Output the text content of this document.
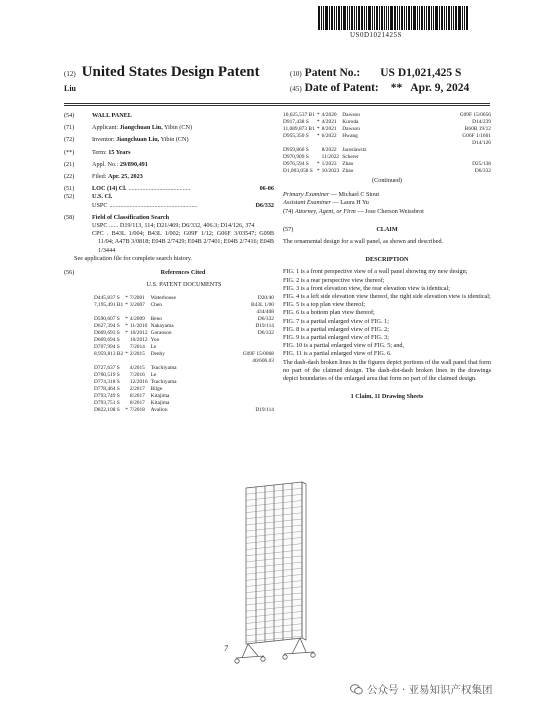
US0D1021425S
(12) United States Design Patent
Liu
(10) Patent No.: US D1,021,425 S
(45) Date of Patent: ** Apr. 9, 2024
(54)	WALL PANEL
(71)	Applicant: Jiangchuan Liu, Yibin (CN)
(72)	Inventor: Jiangchuan Liu, Yibin (CN)
(**)	Term: 15 Years
(21)	Appl. No.: 29/890,491
(22)	Filed: Apr. 25, 2023
(51)	LOC (14) Cl. ........................................	06-06
(52)	U.S. Cl.
USPC .........................................................	D6/332
(58)	Field of Classification Search
USPC ...... D19/113, 114; D21/469; D6/332, 406.3; D14/126, 374
CPC . B43L 1/004; B43L 1/002; G09F 1/12; G06F 3/03547; G09B 11/04; A47B 3/0818; E04B 2/7429; E04B 2/7401; E04B 2/7416; E04B 1/3444
See application file for complete search history.
(56)	References Cited
U.S. PATENT DOCUMENTS
D445,837 S	*	7/2001	Waterhouse	D20/40
7,195,491 B1	*	3/2007	Chen	B43L 1/00
				434/408
D590,607 S	*	4/2009	Beno	D6/332
D627,394 S	*	11/2010	Nakayama	D19/114
D669,693 S	*	10/2012	Goranson	D6/332
D669,694 S		10/2012	Yoo	
D707,994 S		7/2014	Le	
8,959,813 B2	*	2/2015	Denby	G09F 15/0068
				40/606.03
D727,637 S		4/2015	Tsuchiyama	
D760,519 S		7/2016	Le	
D774,318 S		12/2016	Tsuchiyama	
D778,464 S		2/2017	Bilge	
D793,749 S		8/2017	Kitajima	
D793,751 S		8/2017	Kitajima	
D822,108 S	*	7/2018	Avallon	D19/114
10,625,537 B1	*	4/2020	Dawson	G09F 15/0056
D917,438 S	*	4/2021	Kuroda	D14/239
11,089,873 B1	*	8/2021	Dawson	B60B 19/12
D955,350 S	*	6/2022	Hwang	G06F 1/1601
				D14/126
D959,860 S		8/2022	Jaroslawitz	
D970,909 S		11/2022	Scherer	
D976,594 S	*	1/2023	Zhao	D25/138
D1,003,058 S	*	10/2023	Zhao	D6/332
(Continued)
Primary Examiner — Michael C Stout
Assistant Examiner — Laura H Yu
(74) Attorney, Agent, or Firm — Jose Cherson Weissbrot
(57)	CLAIM
The ornamental design for a wall panel, as shown and described.
DESCRIPTION

FIG. 1 is a front perspective view of a wall panel showing my new design;

FIG. 2 is a rear perspective view thereof;

FIG. 3 is a front elevation view, the rear elevation view is identical;

FIG. 4 is a left side elevation view thereof, the right side elevation view is identical;

FIG. 5 is a top plan view thereof;

FIG. 6 is a bottom plan view thereof;

FIG. 7 is a partial enlarged view of FIG. 1;

FIG. 8 is a partial enlarged view of FIG. 2;

FIG. 9 is a partial enlarged view of FIG. 3;

FIG. 10 is a partial enlarged view of FIG. 5; and,

FIG. 11 is a partial enlarged view of FIG. 6.

The dash-dash broken lines in the figures depict portions of the wall panel that form no part of the claimed design. The dash-dot-dash broken lines in the drawings depict boundaries of the enlarged area that form no part of the claimed design.

1 Claim, 11 Drawing Sheets
7
公众号 · 亚易知识产权集团
